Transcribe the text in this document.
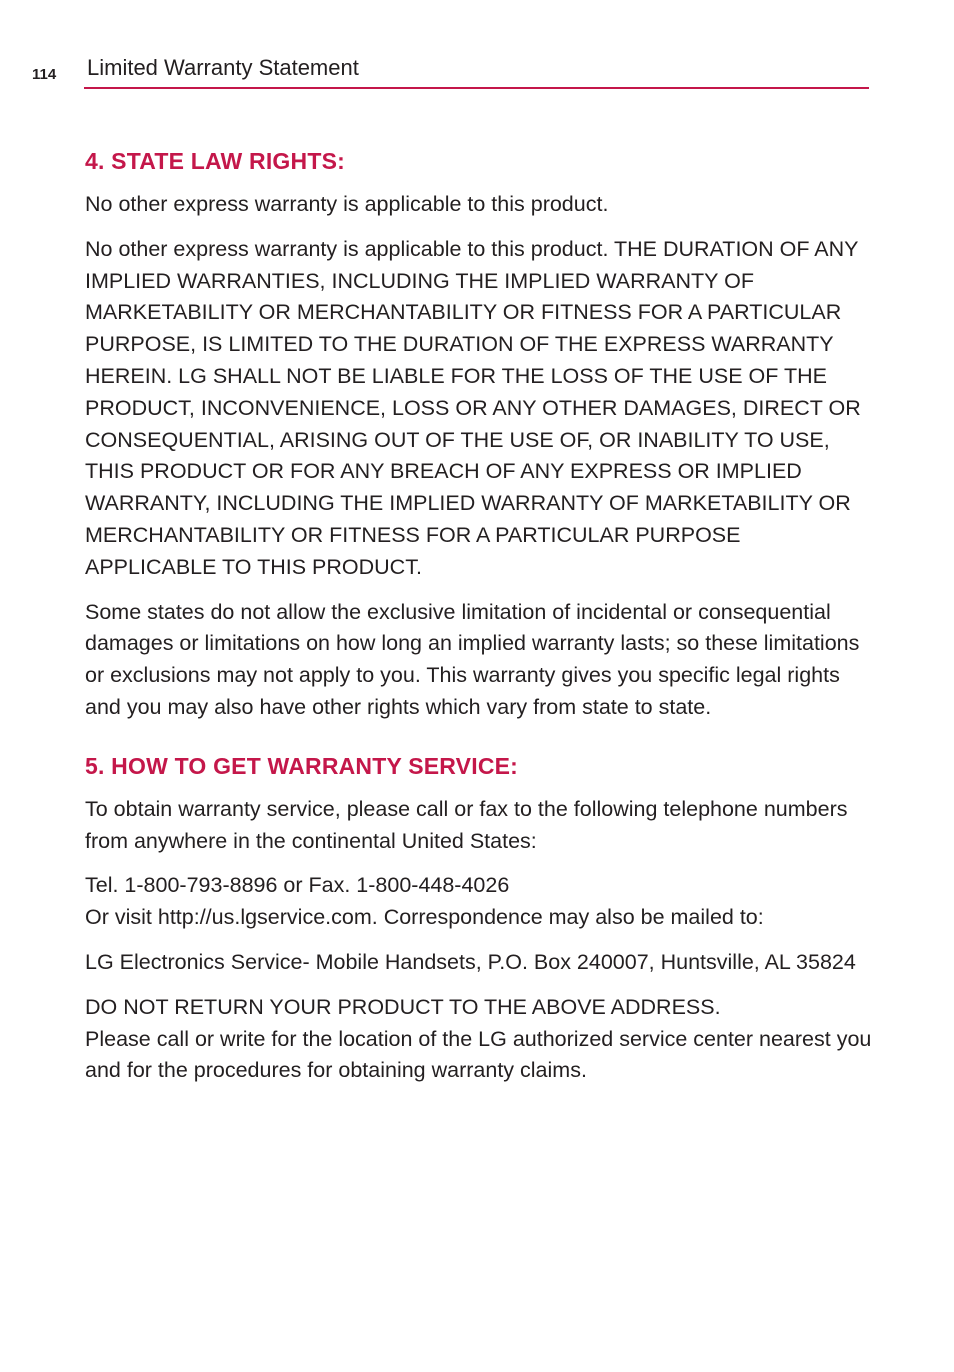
114 Limited Warranty Statement
4. STATE LAW RIGHTS:

No other express warranty is applicable to this product.

No other express warranty is applicable to this product. THE DURATION OF ANY IMPLIED WARRANTIES, INCLUDING THE IMPLIED WARRANTY OF MARKETABILITY OR MERCHANTABILITY OR FITNESS FOR A PARTICULAR PURPOSE, IS LIMITED TO THE DURATION OF THE EXPRESS WARRANTY HEREIN. LG SHALL NOT BE LIABLE FOR THE LOSS OF THE USE OF THE PRODUCT, INCONVENIENCE, LOSS OR ANY OTHER DAMAGES, DIRECT OR CONSEQUENTIAL, ARISING OUT OF THE USE OF, OR INABILITY TO USE, THIS PRODUCT OR FOR ANY BREACH OF ANY EXPRESS OR IMPLIED WARRANTY, INCLUDING THE IMPLIED WARRANTY OF MARKETABILITY OR MERCHANTABILITY OR FITNESS FOR A PARTICULAR PURPOSE APPLICABLE TO THIS PRODUCT.

Some states do not allow the exclusive limitation of incidental or consequential damages or limitations on how long an implied warranty lasts; so these limitations or exclusions may not apply to you. This warranty gives you specific legal rights and you may also have other rights which vary from state to state.

5. HOW TO GET WARRANTY SERVICE:

To obtain warranty service, please call or fax to the following telephone numbers from anywhere in the continental United States:

Tel. 1-800-793-8896 or Fax. 1-800-448-4026
Or visit http://us.lgservice.com. Correspondence may also be mailed to:

LG Electronics Service- Mobile Handsets, P.O. Box 240007, Huntsville, AL 35824

DO NOT RETURN YOUR PRODUCT TO THE ABOVE ADDRESS.
Please call or write for the location of the LG authorized service center nearest you and for the procedures for obtaining warranty claims.
